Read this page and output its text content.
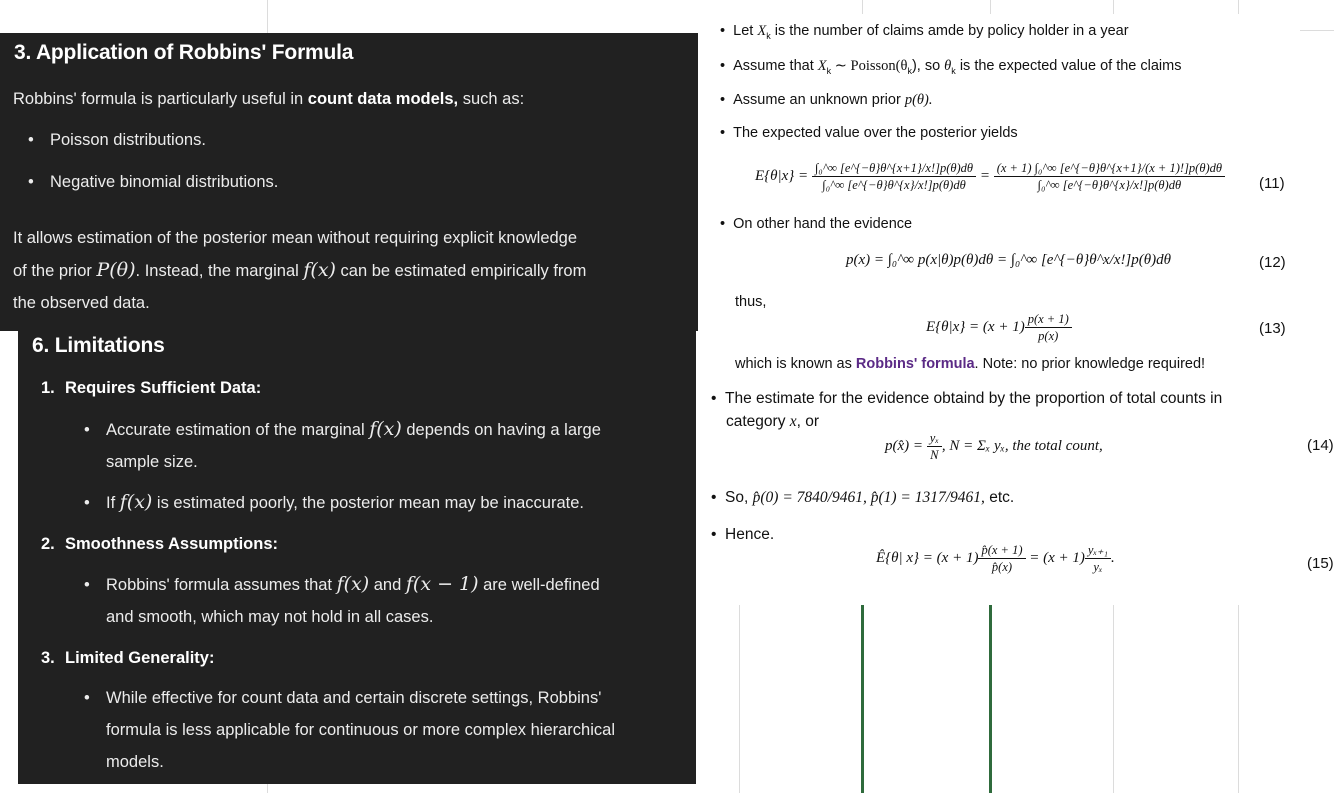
3. Application of Robbins' Formula

Robbins' formula is particularly useful in count data models, such as:

• Poisson distributions.
• Negative binomial distributions.

It allows estimation of the posterior mean without requiring explicit knowledge
of the prior P(θ). Instead, the marginal f(x) can be estimated empirically from
the observed data.

6. Limitations
1. Requires Sufficient Data:
• Accurate estimation of the marginal f(x) depends on having a large
sample size.
• If f(x) is estimated poorly, the posterior mean may be inaccurate.
2. Smoothness Assumptions:
• Robbins' formula assumes that f(x) and f(x − 1) are well-defined
and smooth, which may not hold in all cases.
3. Limited Generality:
• While effective for count data and certain discrete settings, Robbins'
formula is less applicable for continuous or more complex hierarchical
models.
•  Let $X_k$ is the number of claims amde by policy holder in a year
•  Assume that $X_k$ ∼ $Poisson(\theta_k)$, so $\theta_k$ is the expected value of the claims
•  Assume an unknown prior p(θ).
•  The expected value over the posterior yields
$E\{\theta|x\} = \frac{\text{∫₀\textasciicircum{}∞ [e\textasciicircum{}\{−θ\}θ\textasciicircum{}\{x+1\}/x!]p(θ)dθ}}{\text{∫₀\textasciicircum{}∞ [e\textasciicircum{}\{−θ\}θ\textasciicircum{}\{x\}/x!]p(θ)dθ}} = \frac{\text{(x + 1) ∫₀\textasciicircum{}∞ [e\textasciicircum{}\{−θ\}θ\textasciicircum{}\{x+1\}/(x + 1)!]p(θ)dθ}}{\text{∫₀\textasciicircum{}∞ [e\textasciicircum{}\{−θ\}θ\textasciicircum{}\{x\}/x!]p(θ)dθ}} (11)$
•  On other hand the evidence
p(x) = ∫₀^∞ p(x|θ)p(θ)dθ = ∫₀^∞ [e^{−θ}θ^x/x!]p(θ)dθ	(12)
thus,
$E\{\theta|x\} = (x + 1) \frac{p(x + 1)}{p(x)}$	(13)
which is known as Robbins' formula. Note: no prior knowledge required!
•  The estimate for the evidence obtaind by the proportion of total counts in
category x, or
p(x̂) = $\frac{\text{yₓ}}{N}$ , N = Σₓ yₓ, the total count,	(14)
•  So, p̂(0) = 7840/9461, p̂(1) = 1317/9461, etc.
•  Hence.
Ê{θ| $x\} = (x + 1) \frac{p̂(x + 1)}{p̂(x)} = (x + 1) \frac{\text{yₓ₊₁}}{\text{yₓ}}$ .	(15)
